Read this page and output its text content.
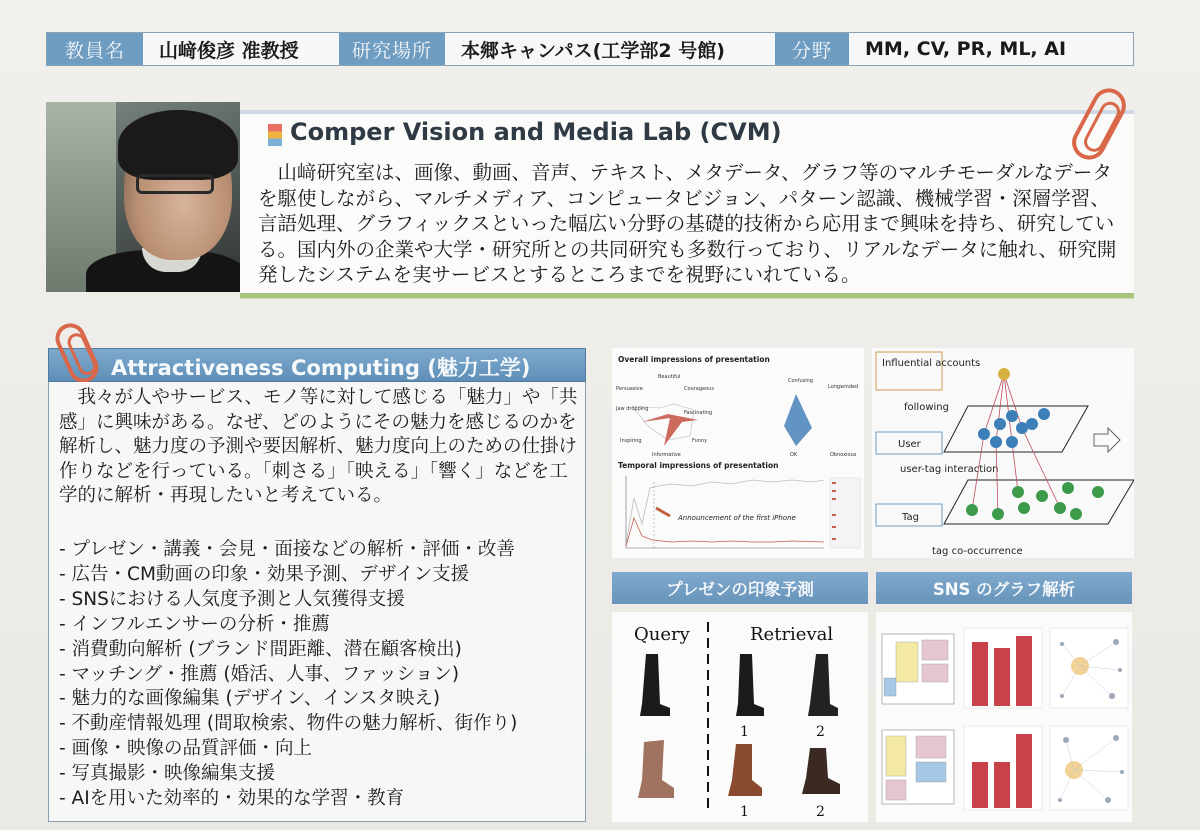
教員名	山﨑俊彦 准教授	研究場所	本郷キャンパス(工学部2 号館)	分野	MM, CV, PR, ML, AI
Comper Vision and Media Lab (CVM)

　山﨑研究室は、画像、動画、音声、テキスト、メタデータ、グラフ等のマルチモーダルなデータを駆使しながら、マルチメディア、コンピュータビジョン、パターン認識、機械学習・深層学習、言語処理、グラフィックスといった幅広い分野の基礎的技術から応用まで興味を持ち、研究している。国内外の企業や大学・研究所との共同研究も多数行っており、リアルなデータに触れ、研究開発したシステムを実サービスとするところまでを視野にいれている。

Attractiveness Computing (魅力工学)

　我々が人やサービス、モノ等に対して感じる「魅力」や「共感」に興味がある。なぜ、どのようにその魅力を感じるのかを解析し、魅力度の予測や要因解析、魅力度向上のための仕掛け作りなどを行っている。「刺さる」「映える」「響く」などを工学的に解析・再現したいと考えている。

- プレゼン・講義・会見・面接などの解析・評価・改善
- 広告・CM動画の印象・効果予測、デザイン支援
- SNSにおける人気度予測と人気獲得支援
- インフルエンサーの分析・推薦
- 消費動向解析 (ブランド間距離、潜在顧客検出)
- マッチング・推薦 (婚活、人事、ファッション)
- 魅力的な画像編集 (デザイン、インスタ映え)
- 不動産情報処理 (間取検索、物件の魅力解析、街作り)
- 画像・映像の品質評価・向上
- 写真撮影・映像編集支援
- AIを用いた効率的・効果的な学習・教育
Overall impressions of presentation
Beautiful
Persuasive	Courageous
Jaw dropping
Fascinating
Inspiring	Funny
Informative
Confusing
OK	Obnoxious
Longwinded
Temporal impressions of presentation
Announcement of the first iPhone
Influential accounts
following
User
user-tag interaction
Tag
tag co-occurrence
プレゼンの印象予測	SNS のグラフ解析
Query	Retrieval
1	2
1	2
